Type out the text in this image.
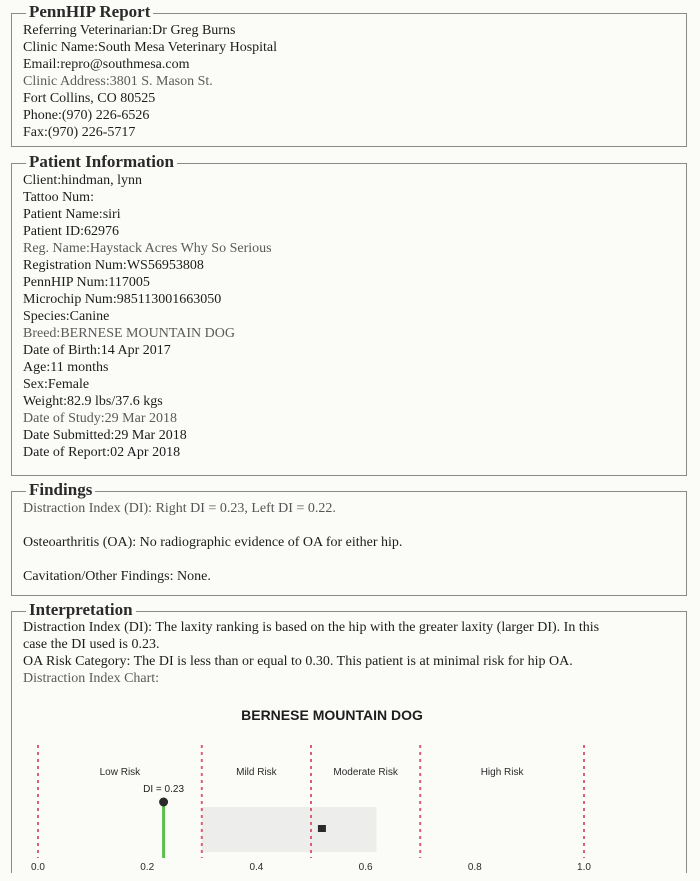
PennHIP Report
Referring Veterinarian:Dr Greg Burns
Clinic Name:South Mesa Veterinary Hospital
Email:repro@southmesa.com
Clinic Address:3801 S. Mason St.
Fort Collins, CO 80525
Phone:(970) 226-6526
Fax:(970) 226-5717
Patient Information
Client:hindman, lynn
Tattoo Num:
Patient Name:siri
Patient ID:62976
Reg. Name:Haystack Acres Why So Serious
Registration Num:WS56953808
PennHIP Num:117005
Microchip Num:985113001663050
Species:Canine
Breed:BERNESE MOUNTAIN DOG
Date of Birth:14 Apr 2017
Age:11 months
Sex:Female
Weight:82.9 lbs/37.6 kgs
Date of Study:29 Mar 2018
Date Submitted:29 Mar 2018
Date of Report:02 Apr 2018
Findings
Distraction Index (DI): Right DI = 0.23, Left DI = 0.22.
Osteoarthritis (OA): No radiographic evidence of OA for either hip.
Cavitation/Other Findings: None.
Interpretation
Distraction Index (DI): The laxity ranking is based on the hip with the greater laxity (larger DI). In this
case the DI used is 0.23.
OA Risk Category: The DI is less than or equal to 0.30. This patient is at minimal risk for hip OA.
Distraction Index Chart:
BERNESE MOUNTAIN DOG
Low Risk	Mild Risk	Moderate Risk	High Risk
DI = 0.23
0.0	0.2	0.4	0.6	0.8	1.0
